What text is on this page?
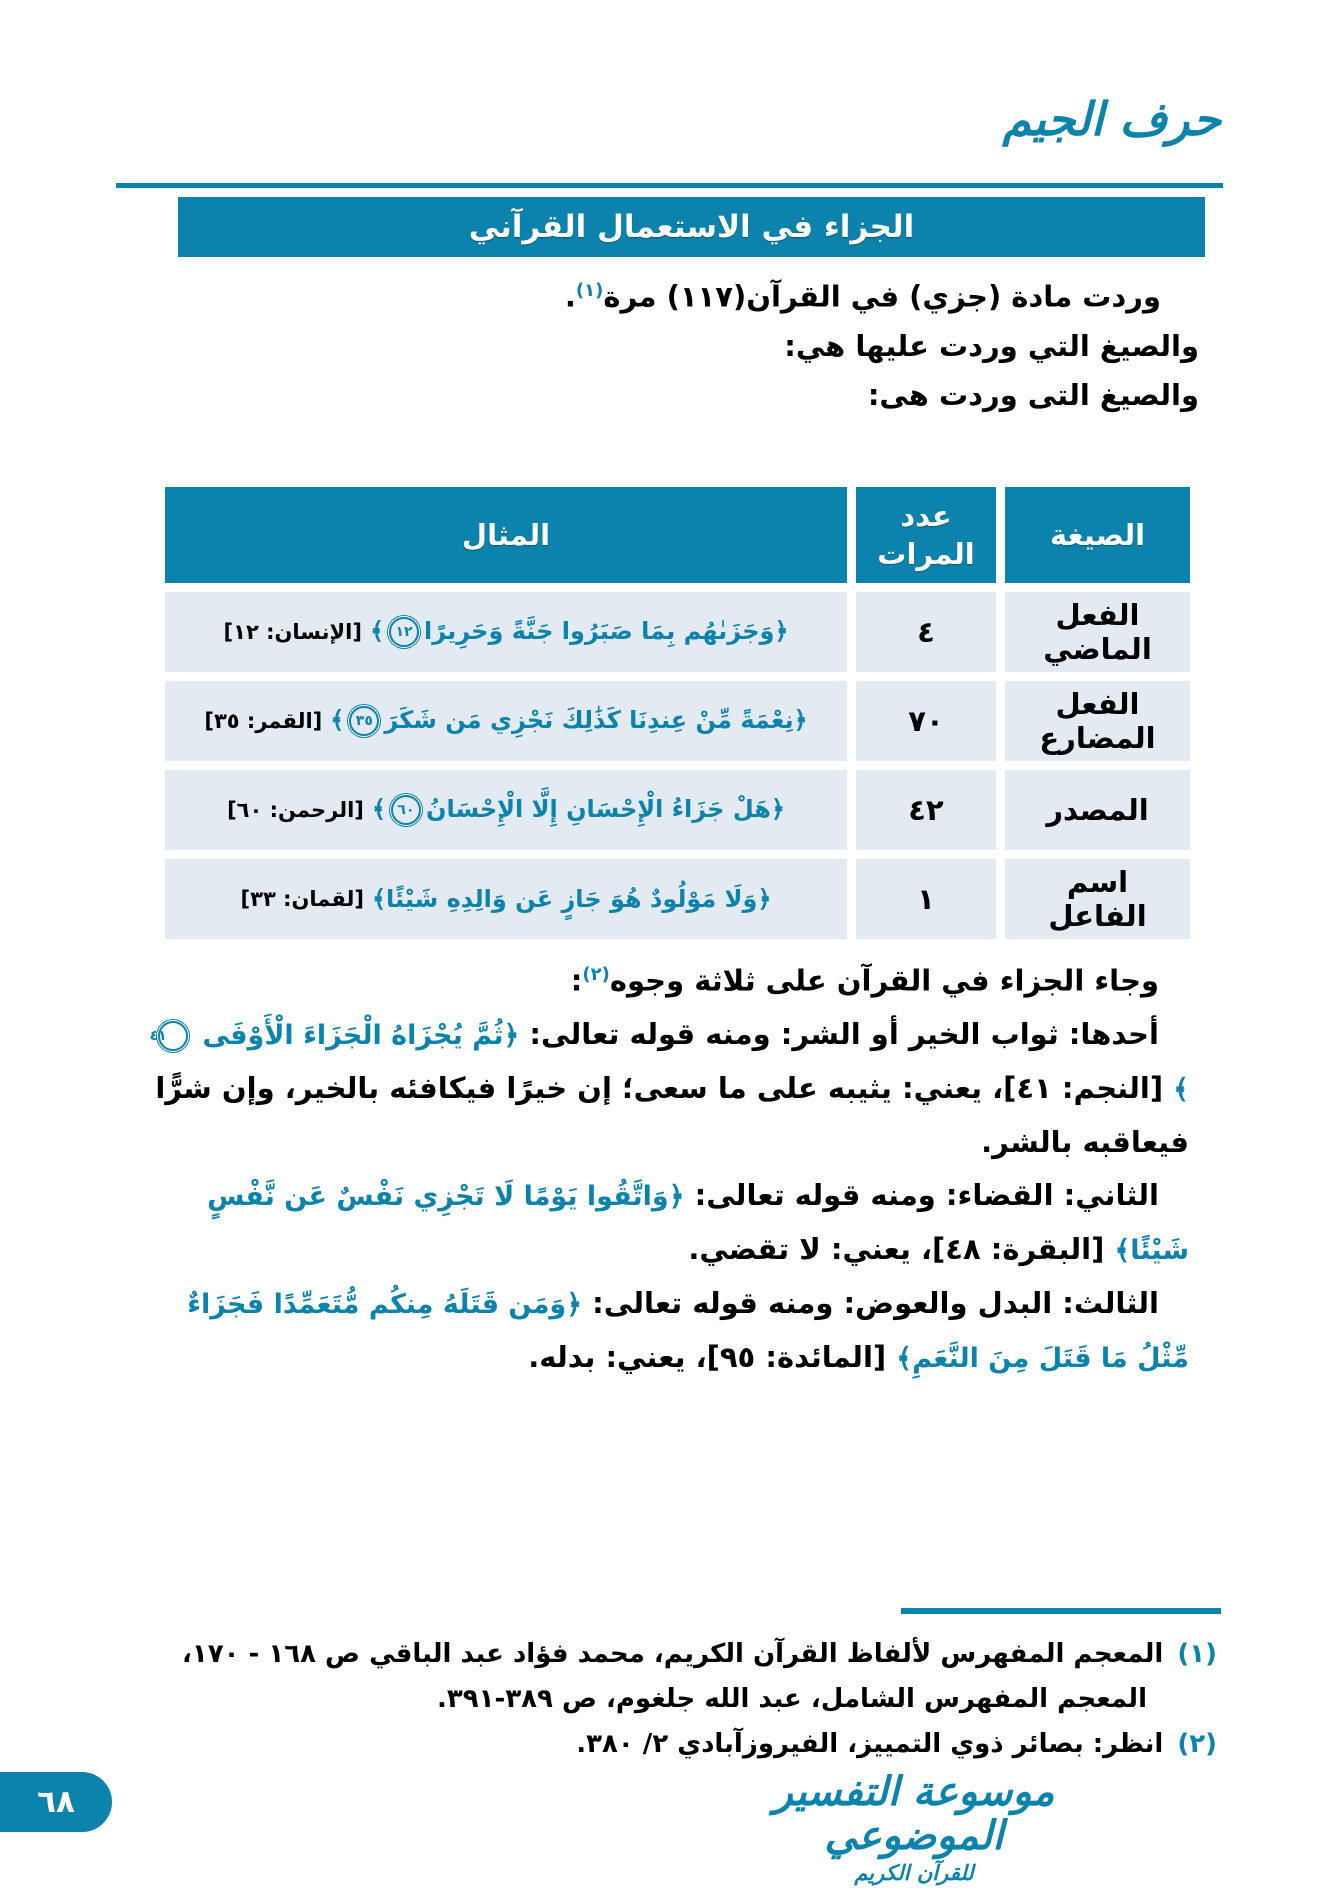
حرف الجيم
الجزاء في الاستعمال القرآني

وردت مادة (جزي) في القرآن(١١٧) مرة$^{(١)}$.

والصيغ التي وردت عليها هي:

والصيغ التى وردت هى:

الصيغة
عدد المرات
المثال
الفعل الماضي
٤
﴿وَجَزَىٰهُم بِمَا صَبَرُوا جَنَّةً وَحَرِيرًا
١٢
﴾
[الإنسان: ١٢]
الفعل المضارع
٧٠
﴿نِعْمَةً مِّنْ عِندِنَا كَذَٰلِكَ نَجْزِي مَن شَكَرَ
٣٥
﴾
[القمر: ٣٥]
المصدر
٤٢
﴿هَلْ جَزَاءُ الْإِحْسَانِ إِلَّا الْإِحْسَانُ
٦٠
﴾
[الرحمن: ٦٠]
اسم الفاعل
١
﴿وَلَا مَوْلُودٌ هُوَ جَازٍ عَن وَالِدِهِ شَيْئًا﴾
[لقمان: ٣٣]

وجاء الجزاء في القرآن على ثلاثة وجوه$^{(٢)}$:

أحدها: ثواب الخير أو الشر: ومنه قوله تعالى: ﴿ثُمَّ يُجْزَاهُ الْجَزَاءَ الْأَوْفَى
٤١
﴾ [النجم: ٤١]، يعني: يثيبه على ما سعى؛ إن خيرًا فيكافئه بالخير، وإن شرًّا فيعاقبه بالشر.

الثاني: القضاء: ومنه قوله تعالى: ﴿وَاتَّقُوا يَوْمًا لَا تَجْزِي نَفْسٌ عَن نَّفْسٍ شَيْئًا﴾ [البقرة: ٤٨]، يعني: لا تقضي.

الثالث: البدل والعوض: ومنه قوله تعالى: ﴿وَمَن قَتَلَهُ مِنكُم مُّتَعَمِّدًا فَجَزَاءٌ مِّثْلُ مَا قَتَلَ مِنَ النَّعَمِ﴾ [المائدة: ٩٥]، يعني: بدله.

(١)المعجم المفهرس لألفاظ القرآن الكريم، محمد فؤاد عبد الباقي ص ١٦٨ - ١٧٠، المعجم المفهرس الشامل، عبد الله جلغوم، ص ٣٨٩-٣٩١.

(٢)انظر: بصائر ذوي التمييز، الفيروزآبادي ٢/ ٣٨٠.

موسوعة التفسير الموضوعي
للقرآن الكريم
٦٨
